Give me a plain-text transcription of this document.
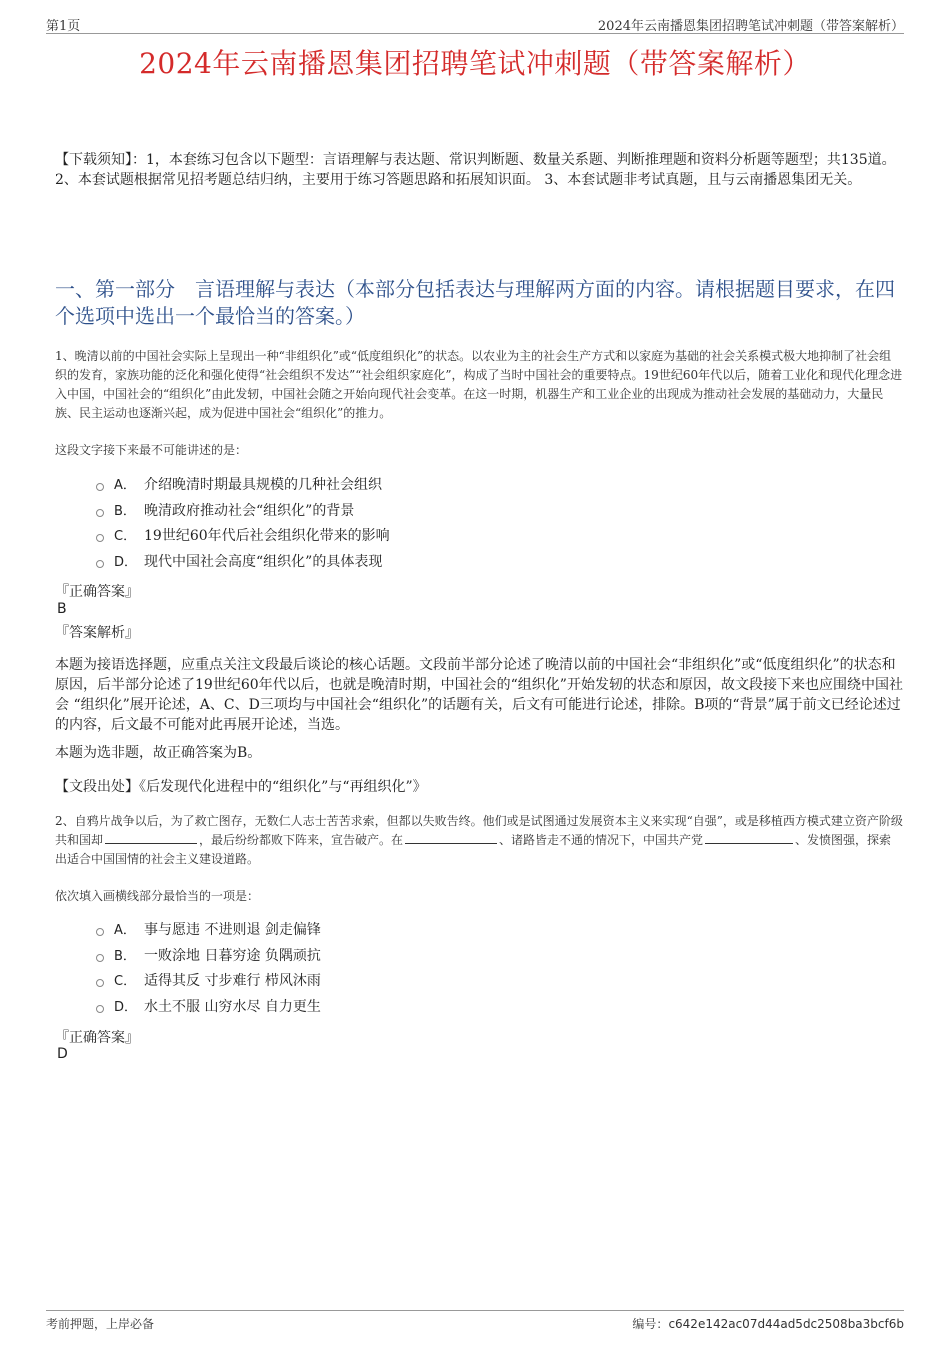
第1页	2024年云南播恩集团招聘笔试冲刺题（带答案解析）
2024年云南播恩集团招聘笔试冲刺题（带答案解析）
【下载须知】：1，本套练习包含以下题型：言语理解与表达题、常识判断题、数量关系题、判断推理题和资料分析题等题型；共135道。 2、本套试题根据常见招考题总结归纳，主要用于练习答题思路和拓展知识面。 3、本套试题非考试真题，且与云南播恩集团无关。
一、第一部分　言语理解与表达（本部分包括表达与理解两方面的内容。请根据题目要求，在四个选项中选出一个最恰当的答案。）
1、晚清以前的中国社会实际上呈现出一种“非组织化”或“低度组织化”的状态。以农业为主的社会生产方式和以家庭为基础的社会关系模式极大地抑制了社会组织的发育，家族功能的泛化和强化使得“社会组织不发达”“社会组织家庭化”，构成了当时中国社会的重要特点。19世纪60年代以后，随着工业化和现代化理念进入中国，中国社会的“组织化”由此发轫，中国社会随之开始向现代社会变革。在这一时期，机器生产和工业企业的出现成为推动社会发展的基础动力，大量民族、民主运动也逐渐兴起，成为促进中国社会“组织化”的推力。
这段文字接下来最不可能讲述的是：
A． 介绍晚清时期最具规模的几种社会组织
B． 晚清政府推动社会“组织化”的背景
C． 19世纪60年代后社会组织化带来的影响
D． 现代中国社会高度“组织化”的具体表现
『正确答案』
B
『答案解析』
本题为接语选择题，应重点关注文段最后谈论的核心话题。文段前半部分论述了晚清以前的中国社会“非组织化”或“低度组织化”的状态和原因，后半部分论述了19世纪60年代以后，也就是晚清时期，中国社会的“组织化”开始发轫的状态和原因，故文段接下来也应围绕中国社会 “组织化”展开论述，A、C、D三项均与中国社会“组织化”的话题有关，后文有可能进行论述，排除。B项的“背景”属于前文已经论述过的内容，后文最不可能对此再展开论述，当选。
本题为选非题，故正确答案为B。
【文段出处】《后发现代化进程中的“组织化”与“再组织化”》
2、自鸦片战争以后，为了救亡图存，无数仁人志士苦苦求索，但都以失败告终。他们或是试图通过发展资本主义来实现“自强”，或是移植西方模式建立资产阶级共和国却	，最后纷纷都败下阵来，宣告破产。在	、诸路皆走不通的情况下，中国共产党	、发愤图强，探索出适合中国国情的社会主义建设道路。
依次填入画横线部分最恰当的一项是：
A． 事与愿违 不进则退 剑走偏锋
B． 一败涂地 日暮穷途 负隅顽抗
C． 适得其反 寸步难行 栉风沐雨
D． 水土不服 山穷水尽 自力更生
『正确答案』
D
考前押题，上岸必备	编号：c642e142ac07d44ad5dc2508ba3bcf6b
